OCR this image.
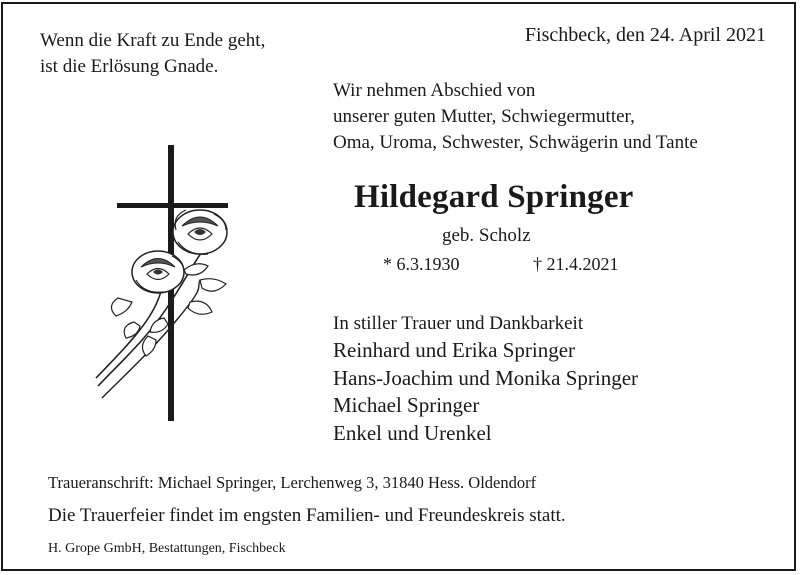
Wenn die Kraft zu Ende geht,
ist die Erlösung Gnade.
Fischbeck, den 24. April 2021
Wir nehmen Abschied von
unserer guten Mutter, Schwiegermutter,
Oma, Uroma, Schwester, Schwägerin und Tante
Hildegard Springer
geb. Scholz
* 6.3.1930	† 21.4.2021
In stiller Trauer und Dankbarkeit
Reinhard und Erika Springer
Hans-Joachim und Monika Springer
Michael Springer
Enkel und Urenkel
Traueranschrift: Michael Springer, Lerchenweg 3, 31840 Hess. Oldendorf
Die Trauerfeier findet im engsten Familien- und Freundeskreis statt.
H. Grope GmbH, Bestattungen, Fischbeck
